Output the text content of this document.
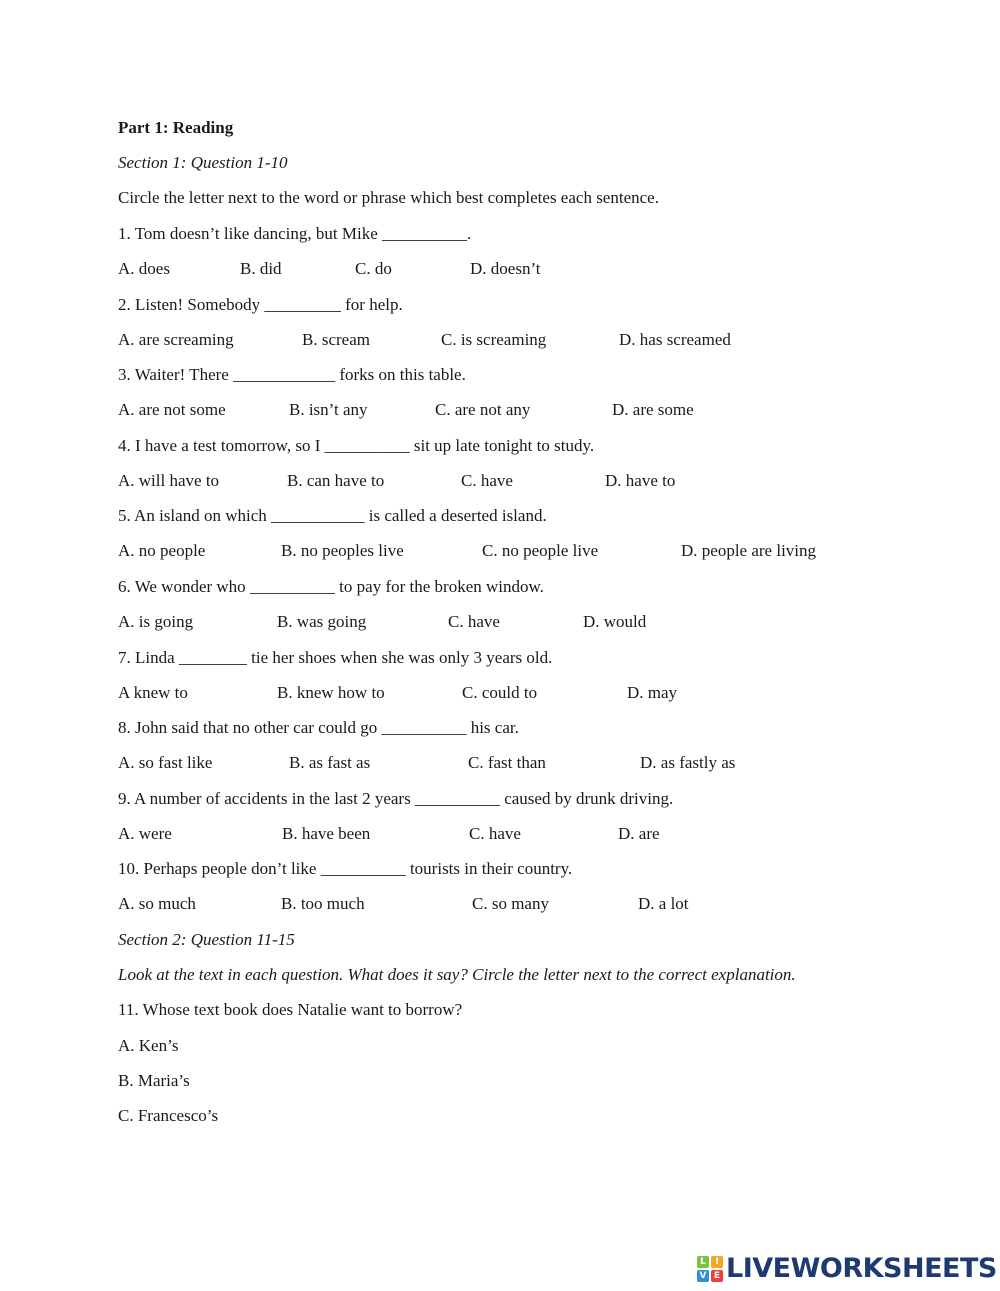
Part 1: Reading
Section 1: Question 1-10
Circle the letter next to the word or phrase which best completes each sentence.
1. Tom doesn’t like dancing, but Mike __________.
A. does	B. did	C. do	D. doesn’t
2. Listen! Somebody _________ for help.
A. are screaming	B. scream	C. is screaming	D. has screamed
3. Waiter! There ____________ forks on this table.
A. are not some	B. isn’t any	C. are not any	D. are some
4. I have a test tomorrow, so I __________ sit up late tonight to study.
A. will have to	B. can have to	C. have	D. have to
5. An island on which ___________ is called a deserted island.
A. no people	B. no peoples live	C. no people live	D. people are living
6. We wonder who __________ to pay for the broken window.
A. is going	B. was going	C. have	D. would
7. Linda ________ tie her shoes when she was only 3 years old.
A knew to	B. knew how to	C. could to	D. may
8. John said that no other car could go __________ his car.
A. so fast like	B. as fast as	C. fast than	D. as fastly as
9. A number of accidents in the last 2 years __________ caused by drunk driving.
A. were	B. have been	C. have	D. are
10. Perhaps people don’t like __________ tourists in their country.
A. so much	B. too much	C. so many	D. a lot
Section 2: Question 11-15
Look at the text in each question. What does it say? Circle the letter next to the correct explanation.
11. Whose text book does Natalie want to borrow?
A. Ken’s
B. Maria’s
C. Francesco’s
L	I
V E LIVEWORKSHEETS
